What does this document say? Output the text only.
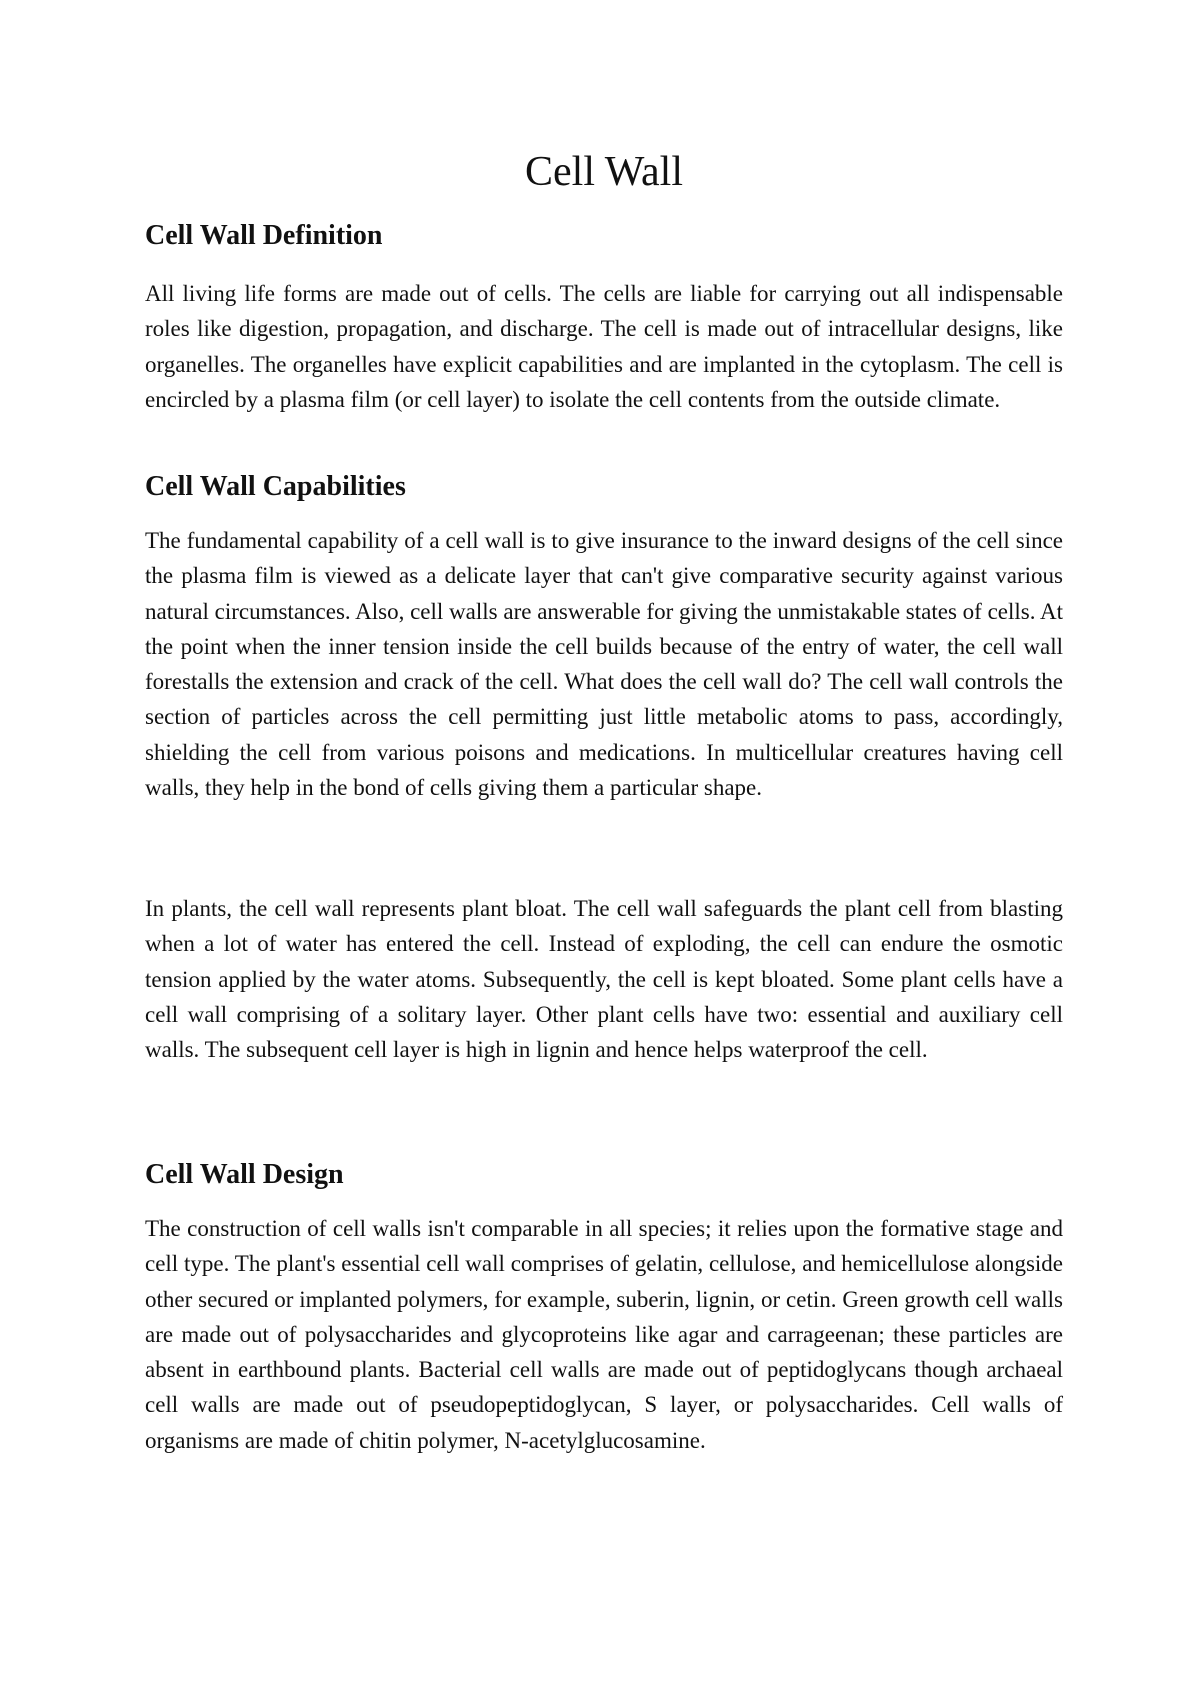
Cell Wall
Cell Wall Definition

All living life forms are made out of cells. The cells are liable for carrying out all indispensable roles like digestion, propagation, and discharge. The cell is made out of intracellular designs, like organelles. The organelles have explicit capabilities and are implanted in the cytoplasm. The cell is encircled by a plasma film (or cell layer) to isolate the cell contents from the outside climate.

Cell Wall Capabilities

The fundamental capability of a cell wall is to give insurance to the inward designs of the cell since the plasma film is viewed as a delicate layer that can't give comparative security against various natural circumstances. Also, cell walls are answerable for giving the unmistakable states of cells. At the point when the inner tension inside the cell builds because of the entry of water, the cell wall forestalls the extension and crack of the cell. What does the cell wall do? The cell wall controls the section of particles across the cell permitting just little metabolic atoms to pass, accordingly, shielding the cell from various poisons and medications. In multicellular creatures having cell walls, they help in the bond of cells giving them a particular shape.

In plants, the cell wall represents plant bloat. The cell wall safeguards the plant cell from blasting when a lot of water has entered the cell. Instead of exploding, the cell can endure the osmotic tension applied by the water atoms. Subsequently, the cell is kept bloated. Some plant cells have a cell wall comprising of a solitary layer. Other plant cells have two: essential and auxiliary cell walls. The subsequent cell layer is high in lignin and hence helps waterproof the cell.

Cell Wall Design

The construction of cell walls isn't comparable in all species; it relies upon the formative stage and cell type. The plant's essential cell wall comprises of gelatin, cellulose, and hemicellulose alongside other secured or implanted polymers, for example, suberin, lignin, or cetin. Green growth cell walls are made out of polysaccharides and glycoproteins like agar and carrageenan; these particles are absent in earthbound plants. Bacterial cell walls are made out of peptidoglycans though archaeal cell walls are made out of pseudopeptidoglycan, S layer, or polysaccharides. Cell walls of organisms are made of chitin polymer, N-acetylglucosamine.
